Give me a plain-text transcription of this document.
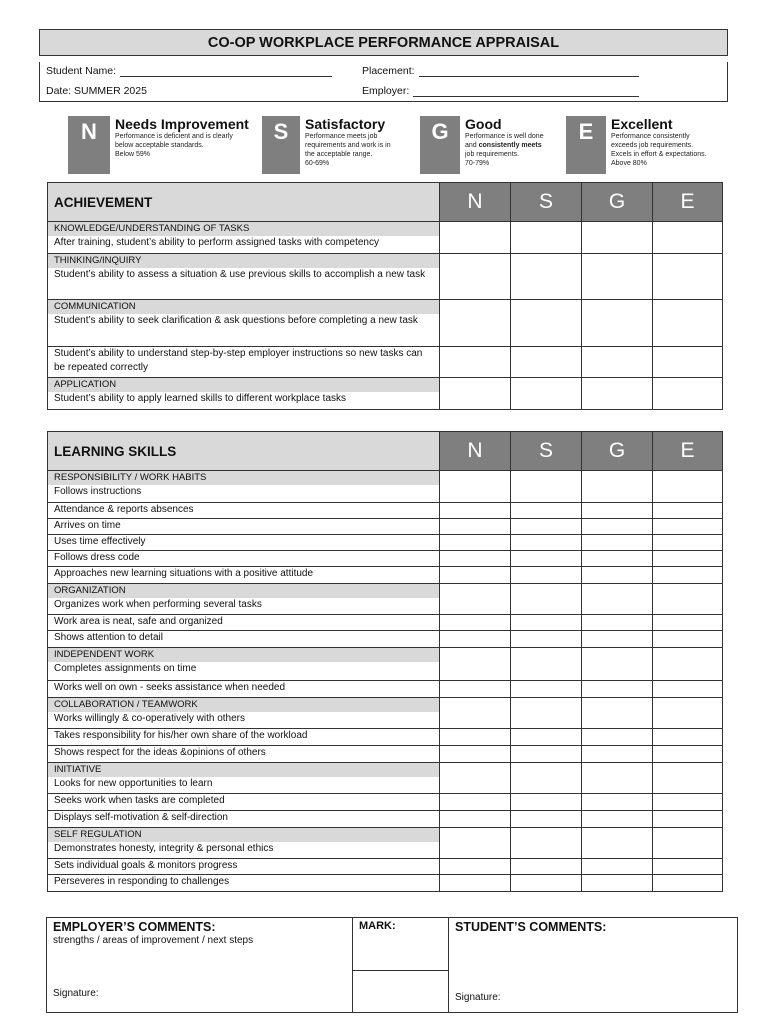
CO-OP WORKPLACE PERFORMANCE APPRAISAL
Student Name:	Placement:
Date: SUMMER 2025	Employer:
N	Needs Improvement
Performance is deficient and is clearly
below acceptable standards.
Below 59%
S	Satisfactory
Performance meets job
requirements and work is in
the acceptable range.
60-69%
G	Good
Performance is well done
and consistently meets
job requirements.
70-79%
E	Excellent
Performance consistently
exceeds job requirements.
Excels in effort & expectations.
Above 80%
ACHIEVEMENT	N	S	G	E

KNOWLEDGE/UNDERSTANDING OF TASKS
After training, student’s ability to perform assigned tasks with competency				

THINKING/INQUIRY
Student’s ability to assess a situation & use previous skills to accomplish a new task				

COMMUNICATION
Student’s ability to seek clarification & ask questions before completing a new task				
Student’s ability to understand step-by-step employer instructions so new tasks can be repeated correctly				

APPLICATION
Student’s ability to apply learned skills to different workplace tasks				
LEARNING SKILLS	N	S	G	E

RESPONSIBILITY / WORK HABITS
Follows instructions				
Attendance & reports absences				
Arrives on time				
Uses time effectively				
Follows dress code				
Approaches new learning situations with a positive attitude				

ORGANIZATION
Organizes work when performing several tasks				
Work area is neat, safe and organized				
Shows attention to detail				

INDEPENDENT WORK
Completes assignments on time				
Works well on own - seeks assistance when needed				

COLLABORATION / TEAMWORK
Works willingly & co-operatively with others				
Takes responsibility for his/her own share of the workload				
Shows respect for the ideas &opinions of others				

INITIATIVE
Looks for new opportunities to learn				
Seeks work when tasks are completed				
Displays self-motivation & self-direction				

SELF REGULATION
Demonstrates honesty, integrity & personal ethics				
Sets individual goals & monitors progress				
Perseveres in responding to challenges				
EMPLOYER’S COMMENTS:
strengths / areas of improvement / next steps
Signature:
MARK:	STUDENT’S COMMENTS:
Signature:
